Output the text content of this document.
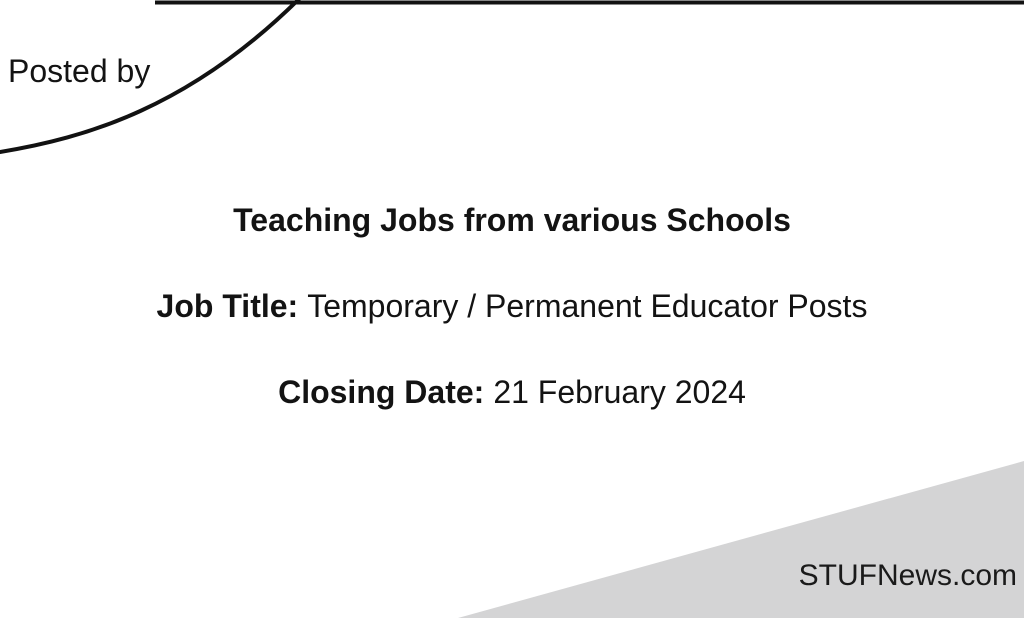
Posted by
Teaching Jobs from various Schools
Job Title: Temporary / Permanent Educator Posts
Closing Date: 21 February 2024
STUFNews.com
